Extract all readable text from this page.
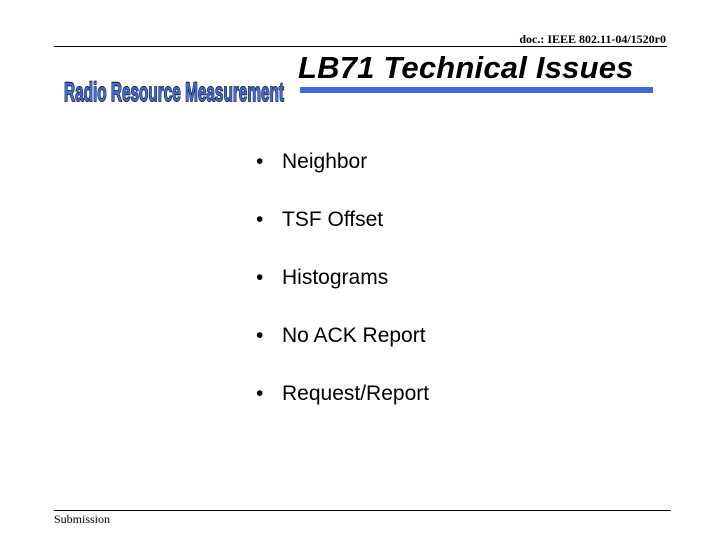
doc.: IEEE 802.11-04/1520r0
Radio Resource Measurement
LB71 Technical Issues
• Neighbor
• TSF Offset
• Histograms
• No ACK Report
• Request/Report
Submission
